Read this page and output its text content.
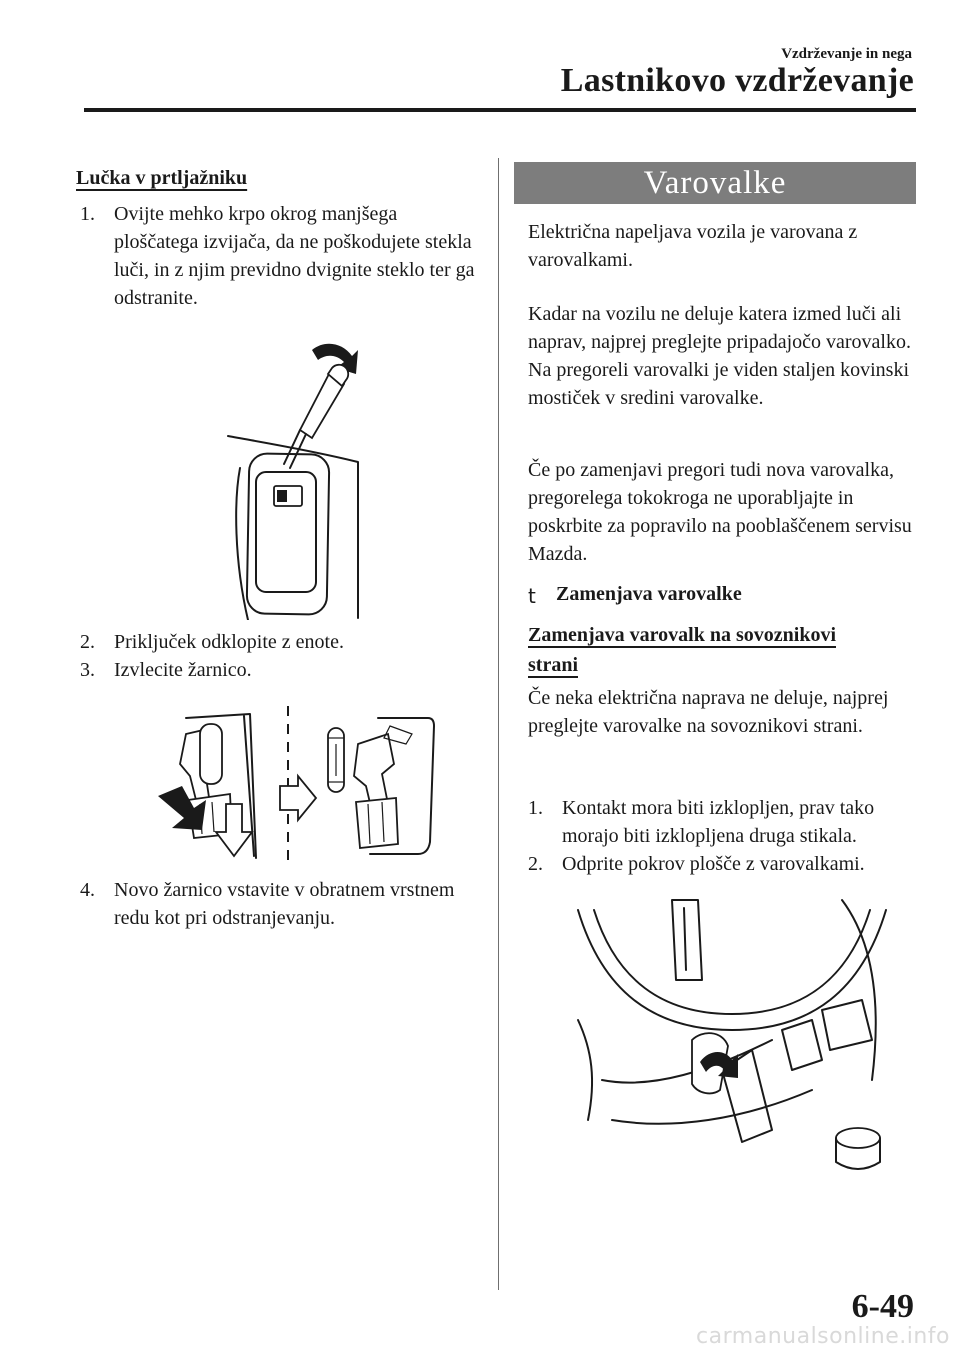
Vzdrževanje in nega
Lastnikovo vzdrževanje
Lučka v prtljažniku
1. Ovijte mehko krpo okrog manjšega ploščatega izvijača, da ne poškodujete stekla luči, in z njim previdno dvignite steklo ter ga odstranite.
2. Priključek odklopite z enote.
3. Izvlecite žarnico.
4. Novo žarnico vstavite v obratnem vrstnem redu kot pri odstranjevanju.
Varovalke
Električna napeljava vozila je varovana z varovalkami.
Kadar na vozilu ne deluje katera izmed luči ali naprav, najprej preglejte pripadajočo varovalko. Na pregoreli varovalki je viden staljen kovinski mostiček v sredini varovalke.
Če po zamenjavi pregori tudi nova varovalka, pregorelega tokokroga ne uporabljajte in poskrbite za popravilo na pooblaščenem servisu Mazda.
t Zamenjava varovalke
Zamenjava varovalk na sovoznikovi
strani
Če neka električna naprava ne deluje, najprej preglejte varovalke na sovoznikovi strani.
1. Kontakt mora biti izklopljen, prav tako morajo biti izklopljena druga stikala.
2. Odprite pokrov plošče z varovalkami.
6-49
carmanualsonline.info
